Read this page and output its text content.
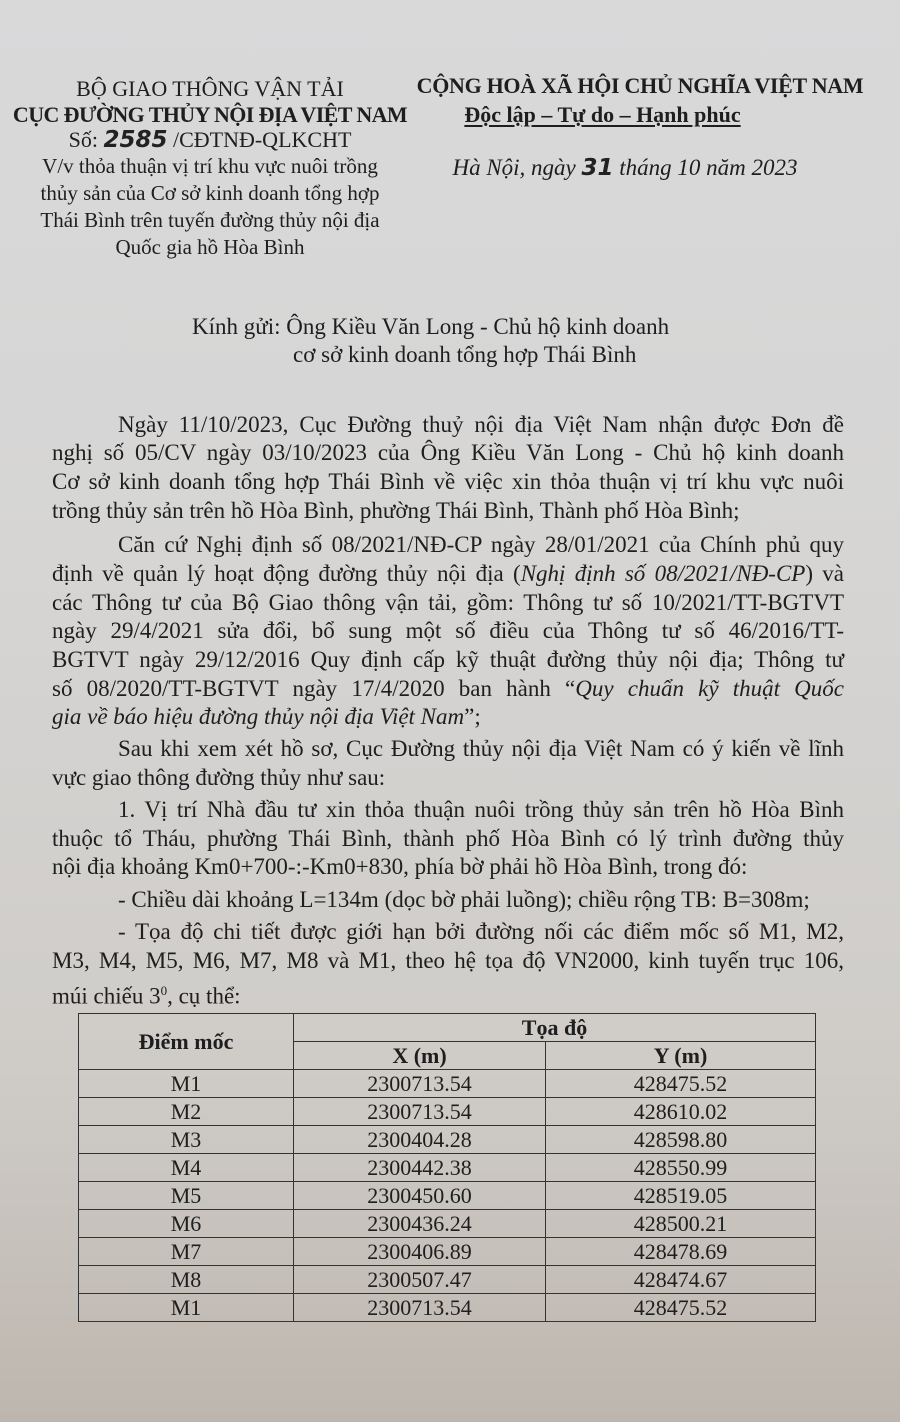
BỘ GIAO THÔNG VẬN TẢI
CỤC ĐƯỜNG THỦY NỘI ĐỊA VIỆT NAM
Số: 2585 /CĐTNĐ-QLKCHT
V/v thỏa thuận vị trí khu vực nuôi trồng
thủy sản của Cơ sở kinh doanh tổng hợp
Thái Bình trên tuyến đường thủy nội địa
Quốc gia hồ Hòa Bình
CỘNG HOÀ XÃ HỘI CHỦ NGHĨA VIỆT NAM
Độc lập – Tự do – Hạnh phúc
Hà Nội, ngày 31 tháng 10 năm 2023
Kính gửi: Ông Kiều Văn Long - Chủ hộ kinh doanh
cơ sở kinh doanh tổng hợp Thái Bình
Ngày 11/10/2023, Cục Đường thuỷ nội địa Việt Nam nhận được Đơn đề
nghị số 05/CV ngày 03/10/2023 của Ông Kiều Văn Long - Chủ hộ kinh doanh
Cơ sở kinh doanh tổng hợp Thái Bình về việc xin thỏa thuận vị trí khu vực nuôi
trồng thủy sản trên hồ Hòa Bình, phường Thái Bình, Thành phố Hòa Bình;
Căn cứ Nghị định số 08/2021/NĐ-CP ngày 28/01/2021 của Chính phủ quy
định về quản lý hoạt động đường thủy nội địa (Nghị định số 08/2021/NĐ-CP) và
các Thông tư của Bộ Giao thông vận tải, gồm: Thông tư số 10/2021/TT-BGTVT
ngày 29/4/2021 sửa đổi, bổ sung một số điều của Thông tư số 46/2016/TT-
BGTVT ngày 29/12/2016 Quy định cấp kỹ thuật đường thủy nội địa; Thông tư
số 08/2020/TT-BGTVT ngày 17/4/2020 ban hành “Quy chuẩn kỹ thuật Quốc
gia về báo hiệu đường thủy nội địa Việt Nam”;
Sau khi xem xét hồ sơ, Cục Đường thủy nội địa Việt Nam có ý kiến về lĩnh
vực giao thông đường thủy như sau:
1. Vị trí Nhà đầu tư xin thỏa thuận nuôi trồng thủy sản trên hồ Hòa Bình
thuộc tổ Tháu, phường Thái Bình, thành phố Hòa Bình có lý trình đường thủy
nội địa khoảng Km0+700-:-Km0+830, phía bờ phải hồ Hòa Bình, trong đó:
- Chiều dài khoảng L=134m (dọc bờ phải luồng); chiều rộng TB: B=308m;
- Tọa độ chi tiết được giới hạn bởi đường nối các điểm mốc số M1, M2,
M3, M4, M5, M6, M7, M8 và M1, theo hệ tọa độ VN2000, kinh tuyến trục 106,
múi chiếu $3^0$, cụ thể:
Điểm mốc	Tọa độ	
	X (m)	Y (m)
M1	2300713.54	428475.52
M2	2300713.54	428610.02
M3	2300404.28	428598.80
M4	2300442.38	428550.99
M5	2300450.60	428519.05
M6	2300436.24	428500.21
M7	2300406.89	428478.69
M8	2300507.47	428474.67
M1	2300713.54	428475.52
